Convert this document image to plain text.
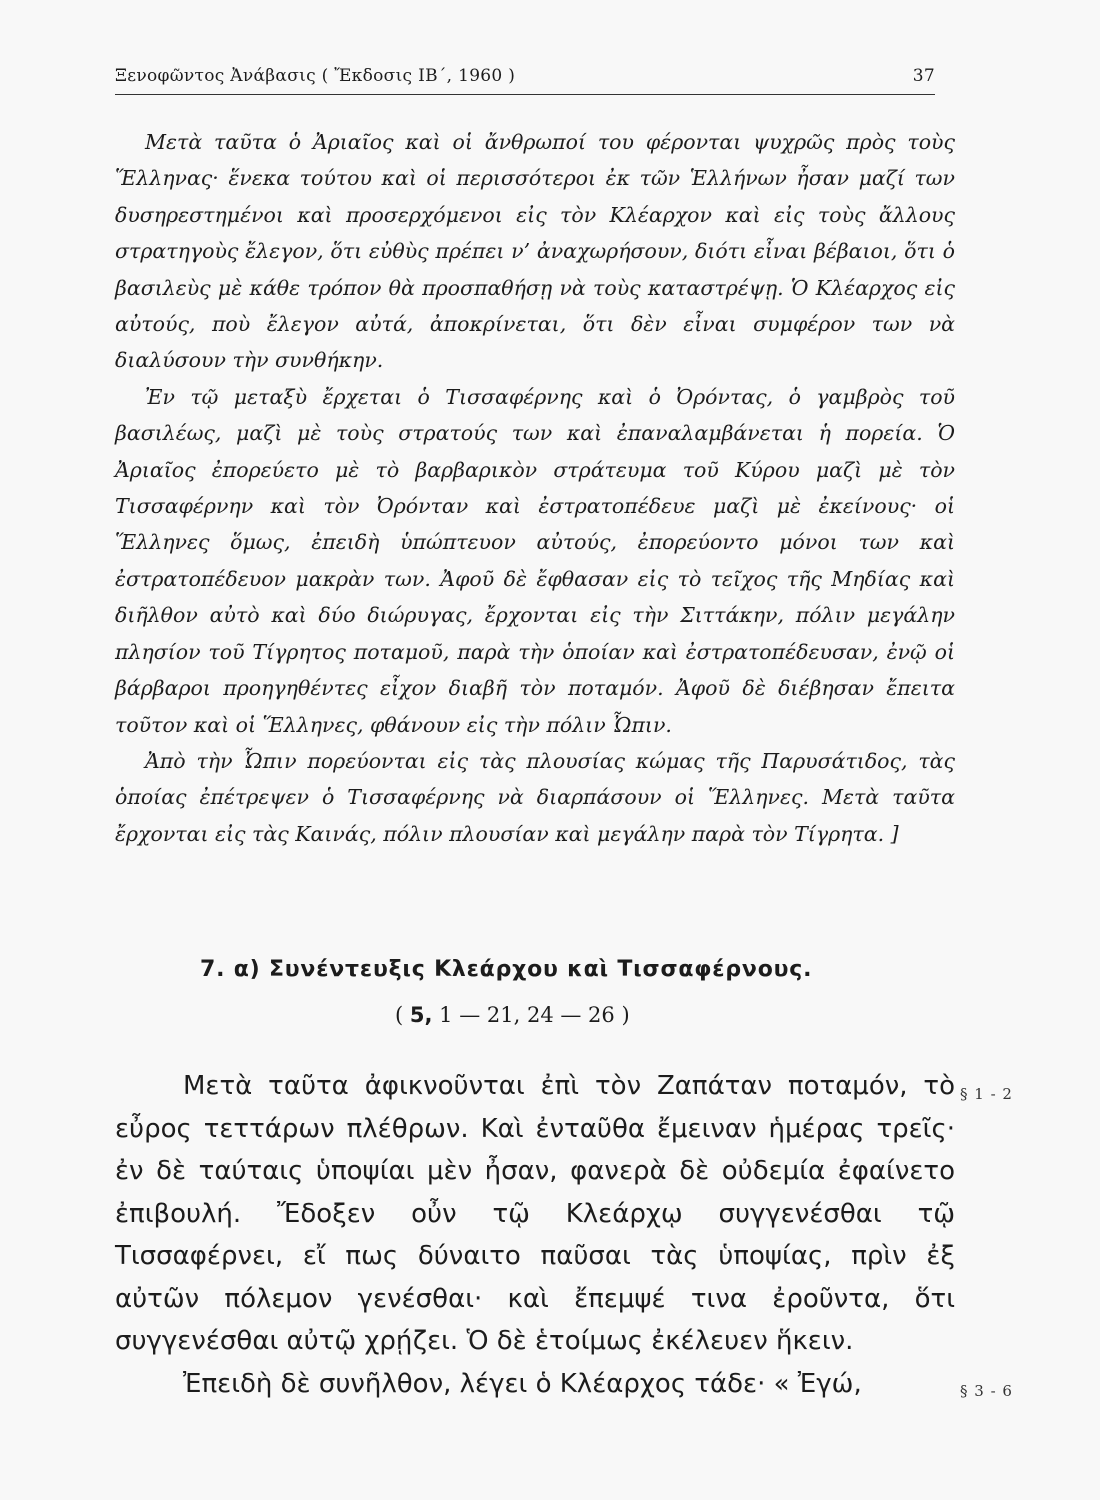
Ξενοφῶντος Ἀνάβασις ( Ἔκδοσις ΙΒ΄, 1960 )	37

Μετὰ ταῦτα ὁ Ἀριαῖος καὶ οἱ ἄνθρωποί του φέρονται ψυχρῶς πρὸς τοὺς Ἕλληνας· ἕνεκα τούτου καὶ οἱ περισσότεροι ἐκ τῶν Ἑλλήνων ἦσαν μαζί των δυσηρεστημένοι καὶ προσερχόμενοι εἰς τὸν Κλέαρχον καὶ εἰς τοὺς ἄλλους στρατηγοὺς ἔλεγον, ὅτι εὐθὺς πρέπει ν’ ἀναχωρήσουν, διότι εἶναι βέβαιοι, ὅτι ὁ βασιλεὺς μὲ κάθε τρόπον θὰ προσπαθήσῃ νὰ τοὺς καταστρέψῃ. Ὁ Κλέαρχος εἰς αὐτούς, ποὺ ἔλεγον αὐτά, ἀποκρίνεται, ὅτι δὲν εἶναι συμφέρον των νὰ διαλύσουν τὴν συνθήκην.

Ἐν τῷ μεταξὺ ἔρχεται ὁ Τισσαφέρνης καὶ ὁ Ὀρόντας, ὁ γαμβρὸς τοῦ βασιλέως, μαζὶ μὲ τοὺς στρατούς των καὶ ἐπαναλαμβάνεται ἡ πορεία. Ὁ Ἀριαῖος ἐπορεύετο μὲ τὸ βαρβαρικὸν στράτευμα τοῦ Κύρου μαζὶ μὲ τὸν Τισσαφέρνην καὶ τὸν Ὀρόνταν καὶ ἐστρατοπέδευε μαζὶ μὲ ἐκείνους· οἱ Ἕλληνες ὅμως, ἐπειδὴ ὑπώπτευον αὐτούς, ἐπορεύοντο μόνοι των καὶ ἐστρατοπέδευον μακρὰν των. Ἀφοῦ δὲ ἔφθασαν εἰς τὸ τεῖχος τῆς Μηδίας καὶ διῆλθον αὐτὸ καὶ δύο διώρυγας, ἔρχονται εἰς τὴν Σιττάκην, πόλιν μεγάλην πλησίον τοῦ Τίγρητος ποταμοῦ, παρὰ τὴν ὁποίαν καὶ ἐστρατοπέδευσαν, ἐνῷ οἱ βάρβαροι προηγηθέντες εἶχον διαβῆ τὸν ποταμόν. Ἀφοῦ δὲ διέβησαν ἔπειτα τοῦτον καὶ οἱ Ἕλληνες, φθάνουν εἰς τὴν πόλιν Ὦπιν.

Ἀπὸ τὴν Ὦπιν πορεύονται εἰς τὰς πλουσίας κώμας τῆς Παρυσάτιδος, τὰς ὁποίας ἐπέτρεψεν ὁ Τισσαφέρνης νὰ διαρπάσουν οἱ Ἕλληνες. Μετὰ ταῦτα ἔρχονται εἰς τὰς Καινάς, πόλιν πλουσίαν καὶ μεγάλην παρὰ τὸν Τίγρητα. ]

7. α) Συνέντευξις Κλεάρχου καὶ Τισσαφέρνους.
( 5, 1 — 21, 24 — 26 )

Μετὰ ταῦτα ἀφικνοῦνται ἐπὶ τὸν Ζαπάταν ποταμόν, τὸ εὖρος τεττάρων πλέθρων. Καὶ ἐνταῦθα ἔμειναν ἡμέρας τρεῖς· ἐν δὲ ταύταις ὑποψίαι μὲν ἦσαν, φανερὰ δὲ οὐδεμία ἐφαίνετο ἐπιβουλή. Ἔδοξεν οὖν τῷ Κλεάρχῳ συγγενέσθαι τῷ Τισσαφέρνει, εἴ πως δύναιτο παῦσαι τὰς ὑποψίας, πρὶν ἐξ αὐτῶν πόλεμον γενέσθαι· καὶ ἔπεμψέ τινα ἐροῦντα, ὅτι συγγενέσθαι αὐτῷ χρῄζει. Ὁ δὲ ἑτοίμως ἐκέλευεν ἥκειν.

Ἐπειδὴ δὲ συνῆλθον, λέγει ὁ Κλέαρχος τάδε· « Ἐγώ,

§ 1 - 2
§ 3 - 6
